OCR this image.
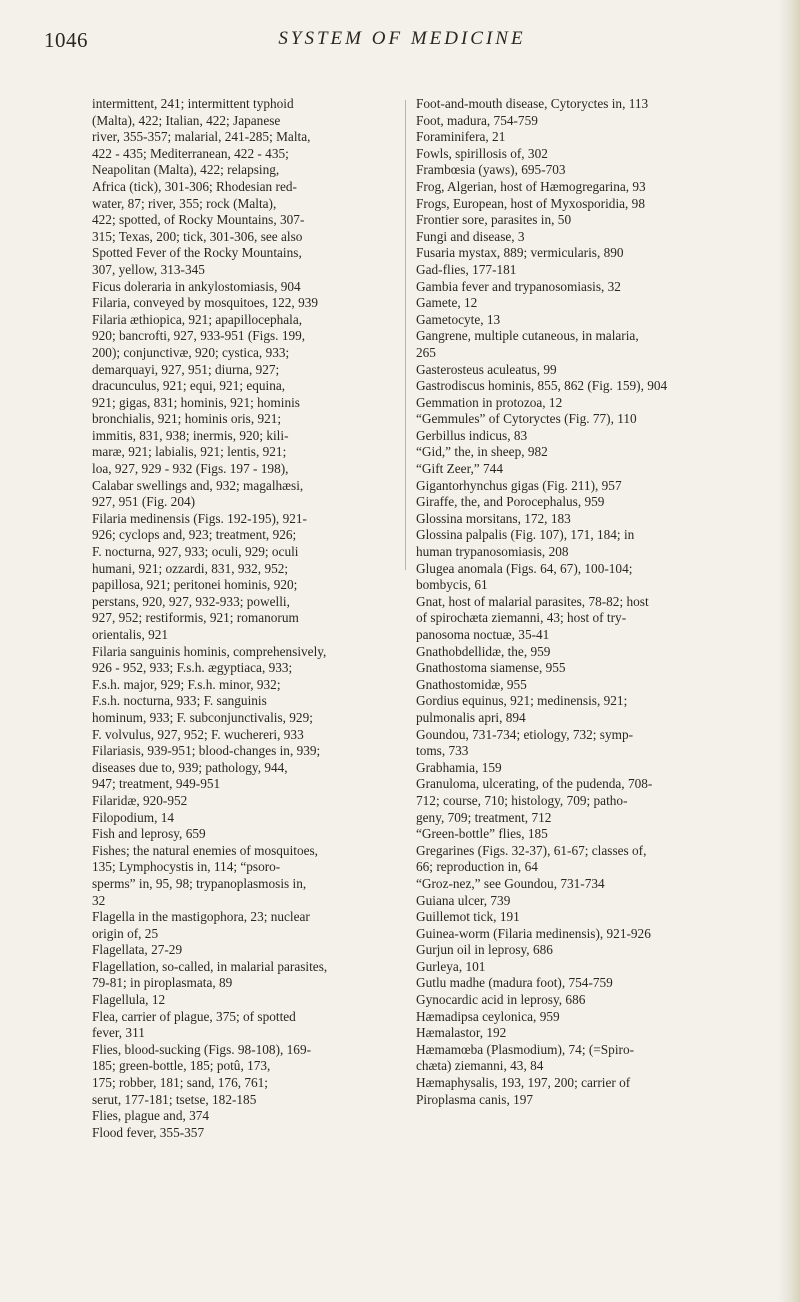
1046	SYSTEM OF MEDICINE
intermittent, 241; intermittent typhoid
(Malta), 422; Italian, 422; Japanese
river, 355-357; malarial, 241-285; Malta,
422 - 435; Mediterranean, 422 - 435;
Neapolitan (Malta), 422; relapsing,
Africa (tick), 301-306; Rhodesian red-
water, 87; river, 355; rock (Malta),
422; spotted, of Rocky Mountains, 307-
315; Texas, 200; tick, 301-306, see also
Spotted Fever of the Rocky Mountains,
307, yellow, 313-345
Ficus doleraria in ankylostomiasis, 904
Filaria, conveyed by mosquitoes, 122, 939
Filaria æthiopica, 921; apapillocephala,
920; bancrofti, 927, 933-951 (Figs. 199,
200); conjunctivæ, 920; cystica, 933;
demarquayi, 927, 951; diurna, 927;
dracunculus, 921; equi, 921; equina,
921; gigas, 831; hominis, 921; hominis
bronchialis, 921; hominis oris, 921;
immitis, 831, 938; inermis, 920; kili-
maræ, 921; labialis, 921; lentis, 921;
loa, 927, 929 - 932 (Figs. 197 - 198),
Calabar swellings and, 932; magalhæsi,
927, 951 (Fig. 204)
Filaria medinensis (Figs. 192-195), 921-
926; cyclops and, 923; treatment, 926;
F. nocturna, 927, 933; oculi, 929; oculi
humani, 921; ozzardi, 831, 932, 952;
papillosa, 921; peritonei hominis, 920;
perstans, 920, 927, 932-933; powelli,
927, 952; restiformis, 921; romanorum
orientalis, 921
Filaria sanguinis hominis, comprehensively,
926 - 952, 933; F.s.h. ægyptiaca, 933;
F.s.h. major, 929; F.s.h. minor, 932;
F.s.h. nocturna, 933; F. sanguinis
hominum, 933; F. subconjunctivalis, 929;
F. volvulus, 927, 952; F. wuchereri, 933
Filariasis, 939-951; blood-changes in, 939;
diseases due to, 939; pathology, 944,
947; treatment, 949-951
Filaridæ, 920-952
Filopodium, 14
Fish and leprosy, 659
Fishes; the natural enemies of mosquitoes,
135; Lymphocystis in, 114; “psoro-
sperms” in, 95, 98; trypanoplasmosis in,
32
Flagella in the mastigophora, 23; nuclear
origin of, 25
Flagellata, 27-29
Flagellation, so-called, in malarial parasites,
79-81; in piroplasmata, 89
Flagellula, 12
Flea, carrier of plague, 375; of spotted
fever, 311
Flies, blood-sucking (Figs. 98-108), 169-
185; green-bottle, 185; potû, 173,
175; robber, 181; sand, 176, 761;
serut, 177-181; tsetse, 182-185
Flies, plague and, 374
Flood fever, 355-357
Foot-and-mouth disease, Cytoryctes in, 113
Foot, madura, 754-759
Foraminifera, 21
Fowls, spirillosis of, 302
Frambœsia (yaws), 695-703
Frog, Algerian, host of Hæmogregarina, 93
Frogs, European, host of Myxosporidia, 98
Frontier sore, parasites in, 50
Fungi and disease, 3
Fusaria mystax, 889; vermicularis, 890
Gad-flies, 177-181
Gambia fever and trypanosomiasis, 32
Gamete, 12
Gametocyte, 13
Gangrene, multiple cutaneous, in malaria,
265
Gasterosteus aculeatus, 99
Gastrodiscus hominis, 855, 862 (Fig. 159), 904
Gemmation in protozoa, 12
“Gemmules” of Cytoryctes (Fig. 77), 110
Gerbillus indicus, 83
“Gid,” the, in sheep, 982
“Gift Zeer,” 744
Gigantorhynchus gigas (Fig. 211), 957
Giraffe, the, and Porocephalus, 959
Glossina morsitans, 172, 183
Glossina palpalis (Fig. 107), 171, 184; in
human trypanosomiasis, 208
Glugea anomala (Figs. 64, 67), 100-104;
bombycis, 61
Gnat, host of malarial parasites, 78-82; host
of spirochæta ziemanni, 43; host of try-
panosoma noctuæ, 35-41
Gnathobdellidæ, the, 959
Gnathostoma siamense, 955
Gnathostomidæ, 955
Gordius equinus, 921; medinensis, 921;
pulmonalis apri, 894
Goundou, 731-734; etiology, 732; symp-
toms, 733
Grabhamia, 159
Granuloma, ulcerating, of the pudenda, 708-
712; course, 710; histology, 709; patho-
geny, 709; treatment, 712
“Green-bottle” flies, 185
Gregarines (Figs. 32-37), 61-67; classes of,
66; reproduction in, 64
“Groz-nez,” see Goundou, 731-734
Guiana ulcer, 739
Guillemot tick, 191
Guinea-worm (Filaria medinensis), 921-926
Gurjun oil in leprosy, 686
Gurleya, 101
Gutlu madhe (madura foot), 754-759
Gynocardic acid in leprosy, 686
Hæmadipsa ceylonica, 959
Hæmalastor, 192
Hæmamœba (Plasmodium), 74; (=Spiro-
chæta) ziemanni, 43, 84
Hæmaphysalis, 193, 197, 200; carrier of
Piroplasma canis, 197
